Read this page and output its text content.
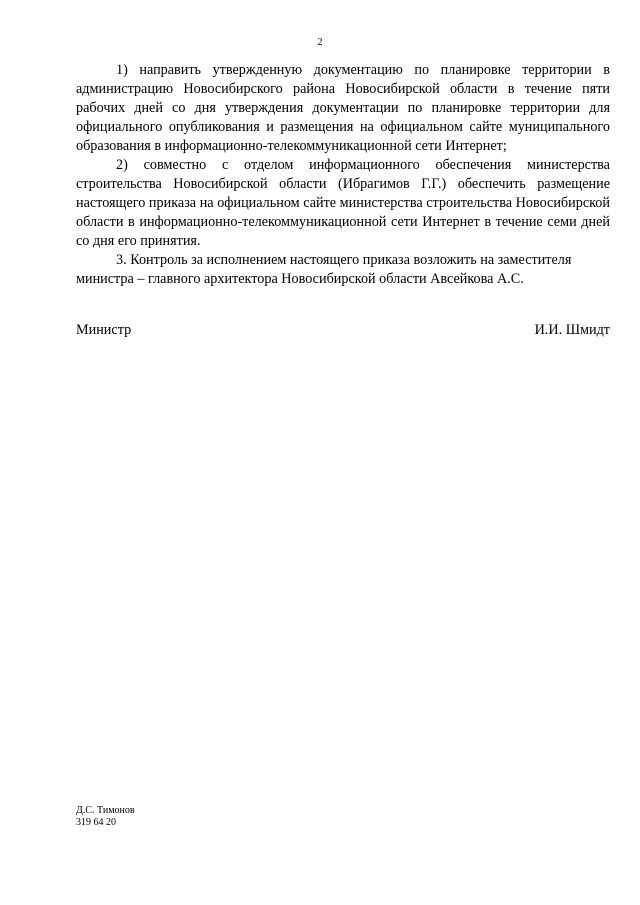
2

1) направить утвержденную документацию по планировке территории в администрацию Новосибирского района Новосибирской области в течение пяти рабочих дней со дня утверждения документации по планировке территории для официального опубликования и размещения на официальном сайте муниципального образования в информационно-телекоммуникационной сети Интернет;

2) совместно с отделом информационного обеспечения министерства строительства Новосибирской области (Ибрагимов Г.Г.) обеспечить размещение настоящего приказа на официальном сайте министерства строительства Новосибирской области в информационно-телекоммуникационной сети Интернет в течение семи дней со дня его принятия.

3. Контроль за исполнением настоящего приказа возложить на заместителя министра – главного архитектора Новосибирской области Авсейкова А.С.

Министр	И.И. Шмидт
Д.С. Тимонов
319 64 20
